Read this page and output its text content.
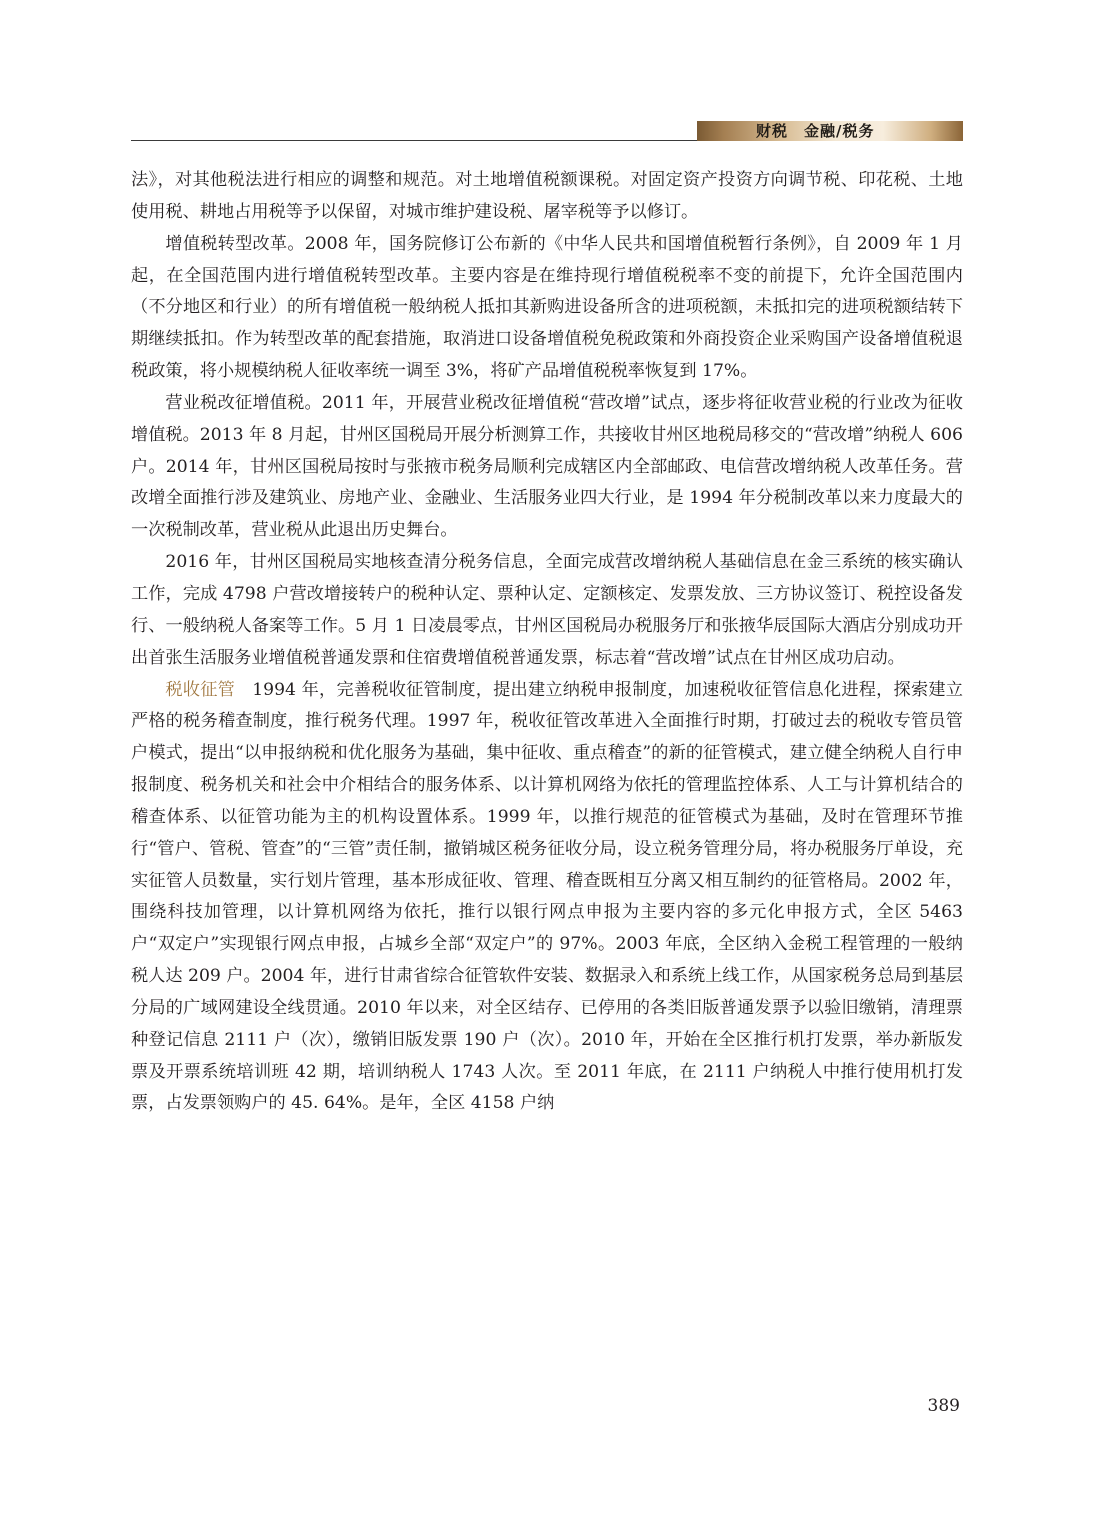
财税　金融/税务

法》，对其他税法进行相应的调整和规范。对土地增值税额课税。对固定资产投资方向调节税、印花税、土地使用税、耕地占用税等予以保留，对城市维护建设税、屠宰税等予以修订。

增值税转型改革。2008 年，国务院修订公布新的《中华人民共和国增值税暂行条例》，自 2009 年 1 月起，在全国范围内进行增值税转型改革。主要内容是在维持现行增值税税率不变的前提下，允许全国范围内（不分地区和行业）的所有增值税一般纳税人抵扣其新购进设备所含的进项税额，未抵扣完的进项税额结转下期继续抵扣。作为转型改革的配套措施，取消进口设备增值税免税政策和外商投资企业采购国产设备增值税退税政策，将小规模纳税人征收率统一调至 3%，将矿产品增值税税率恢复到 17%。

营业税改征增值税。2011 年，开展营业税改征增值税“营改增”试点，逐步将征收营业税的行业改为征收增值税。2013 年 8 月起，甘州区国税局开展分析测算工作，共接收甘州区地税局移交的“营改增”纳税人 606 户。2014 年，甘州区国税局按时与张掖市税务局顺利完成辖区内全部邮政、电信营改增纳税人改革任务。营改增全面推行涉及建筑业、房地产业、金融业、生活服务业四大行业，是 1994 年分税制改革以来力度最大的一次税制改革，营业税从此退出历史舞台。

2016 年，甘州区国税局实地核查清分税务信息，全面完成营改增纳税人基础信息在金三系统的核实确认工作，完成 4798 户营改增接转户的税种认定、票种认定、定额核定、发票发放、三方协议签订、税控设备发行、一般纳税人备案等工作。5 月 1 日凌晨零点，甘州区国税局办税服务厅和张掖华辰国际大酒店分别成功开出首张生活服务业增值税普通发票和住宿费增值税普通发票，标志着“营改增”试点在甘州区成功启动。

税收征管  1994 年，完善税收征管制度，提出建立纳税申报制度，加速税收征管信息化进程，探索建立严格的税务稽查制度，推行税务代理。1997 年，税收征管改革进入全面推行时期，打破过去的税收专管员管户模式，提出“以申报纳税和优化服务为基础，集中征收、重点稽查”的新的征管模式，建立健全纳税人自行申报制度、税务机关和社会中介相结合的服务体系、以计算机网络为依托的管理监控体系、人工与计算机结合的稽查体系、以征管功能为主的机构设置体系。1999 年，以推行规范的征管模式为基础，及时在管理环节推行“管户、管税、管查”的“三管”责任制，撤销城区税务征收分局，设立税务管理分局，将办税服务厅单设，充实征管人员数量，实行划片管理，基本形成征收、管理、稽查既相互分离又相互制约的征管格局。2002 年，围绕科技加管理，以计算机网络为依托，推行以银行网点申报为主要内容的多元化申报方式，全区 5463 户“双定户”实现银行网点申报，占城乡全部“双定户”的 97%。2003 年底，全区纳入金税工程管理的一般纳税人达 209 户。2004 年，进行甘肃省综合征管软件安装、数据录入和系统上线工作，从国家税务总局到基层分局的广域网建设全线贯通。2010 年以来，对全区结存、已停用的各类旧版普通发票予以验旧缴销，清理票种登记信息 2111 户（次），缴销旧版发票 190 户（次）。2010 年，开始在全区推行机打发票，举办新版发票及开票系统培训班 42 期，培训纳税人 1743 人次。至 2011 年底，在 2111 户纳税人中推行使用机打发票，占发票领购户的 45. 64%。是年，全区 4158 户纳

389
